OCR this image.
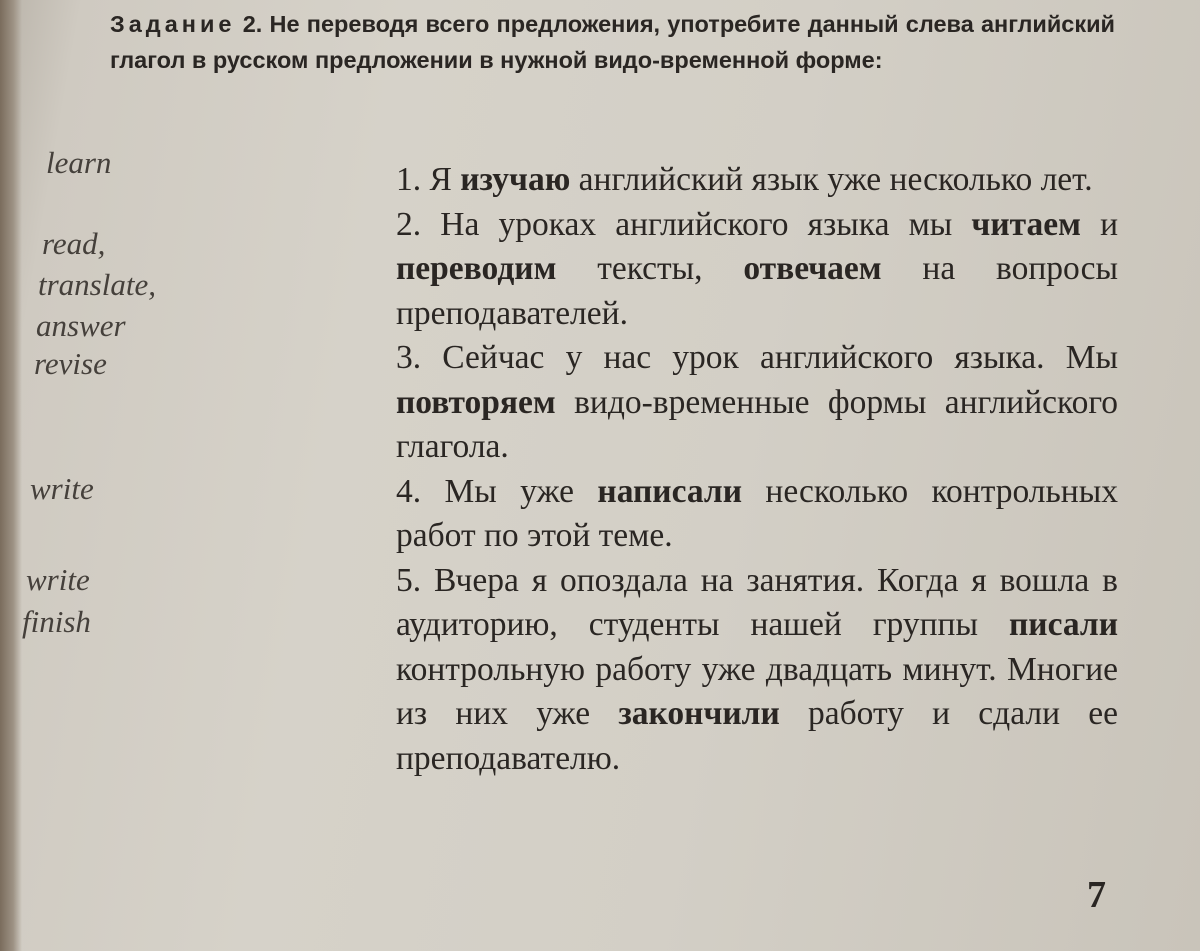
Задание 2. Не переводя всего предложения, употребите данный слева английский глагол в русском предложении в нужной видо-временной форме:
learn
read,
translate,
answer
revise
write
write
finish

1. Я изучаю английский язык уже несколько лет.

2. На уроках английского языка мы читаем и переводим тексты, отвечаем на вопросы преподавателей.

3. Сейчас у нас урок английского языка. Мы повторяем видо-временные формы английского глагола.

4. Мы уже написали несколько контрольных работ по этой теме.

5. Вчера я опоздала на занятия. Когда я вошла в аудиторию, студенты нашей группы писали контрольную работу уже двадцать минут. Многие из них уже закончили работу и сдали ее преподавателю.

7
